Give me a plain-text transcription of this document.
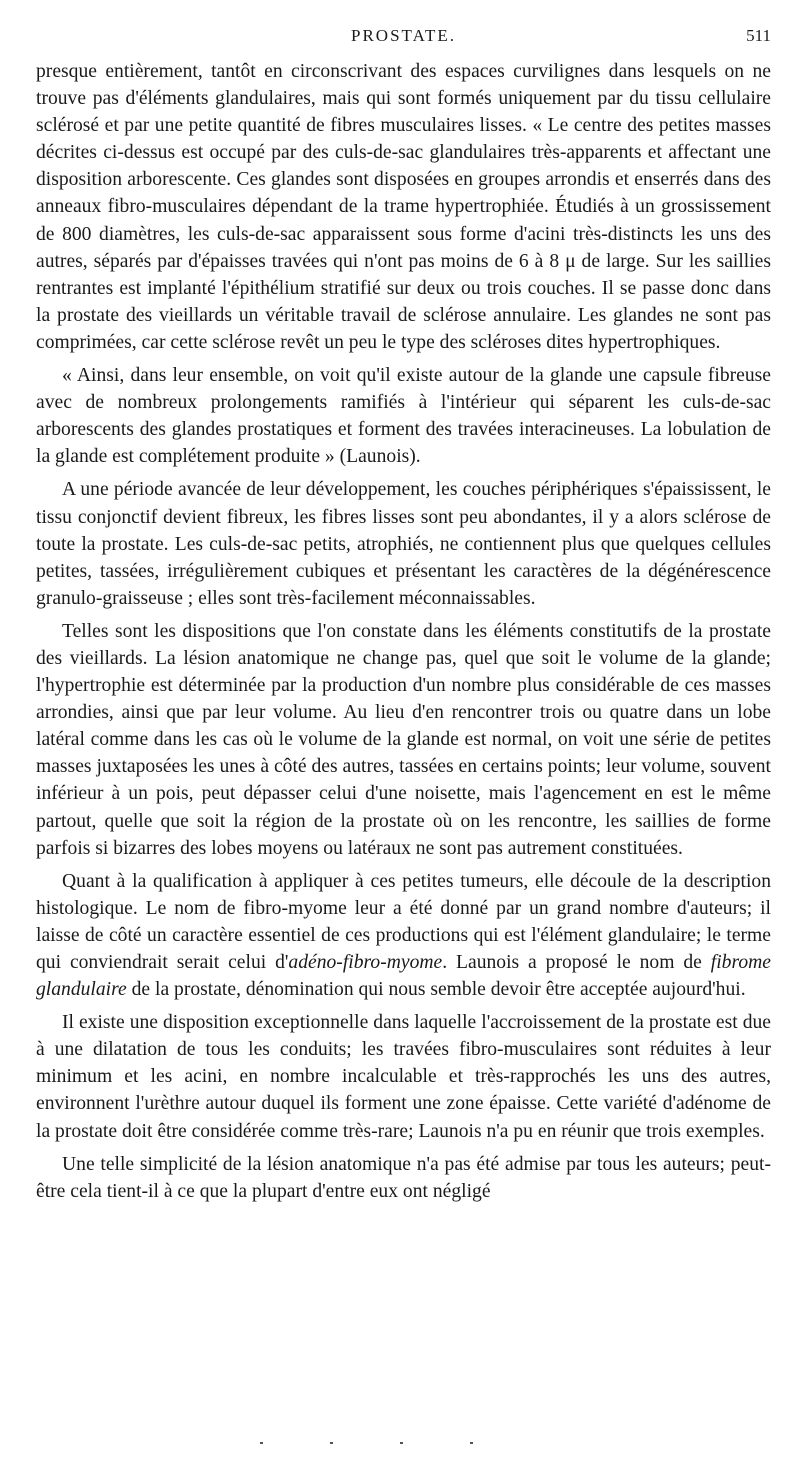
PROSTATE.	511

presque entièrement, tantôt en circonscrivant des espaces curvilignes dans lesquels on ne trouve pas d'éléments glandulaires, mais qui sont formés uniquement par du tissu cellulaire sclérosé et par une petite quantité de fibres musculaires lisses. « Le centre des petites masses décrites ci-dessus est occupé par des culs-de-sac glandulaires très-apparents et affectant une disposition arborescente. Ces glandes sont disposées en groupes arrondis et enserrés dans des anneaux fibro-musculaires dépendant de la trame hypertrophiée. Étudiés à un grossissement de 800 diamètres, les culs-de-sac apparaissent sous forme d'acini très-distincts les uns des autres, séparés par d'épaisses travées qui n'ont pas moins de 6 à 8 μ de large. Sur les saillies rentrantes est implanté l'épithélium stratifié sur deux ou trois couches. Il se passe donc dans la prostate des vieillards un véritable travail de sclérose annulaire. Les glandes ne sont pas comprimées, car cette sclérose revêt un peu le type des scléroses dites hypertrophiques.

« Ainsi, dans leur ensemble, on voit qu'il existe autour de la glande une capsule fibreuse avec de nombreux prolongements ramifiés à l'intérieur qui séparent les culs-de-sac arborescents des glandes prostatiques et forment des travées interacineuses. La lobulation de la glande est complétement produite » (Launois).

A une période avancée de leur développement, les couches périphériques s'épaississent, le tissu conjonctif devient fibreux, les fibres lisses sont peu abondantes, il y a alors sclérose de toute la prostate. Les culs-de-sac petits, atrophiés, ne contiennent plus que quelques cellules petites, tassées, irrégulièrement cubiques et présentant les caractères de la dégénérescence granulo-graisseuse ; elles sont très-facilement méconnaissables.

Telles sont les dispositions que l'on constate dans les éléments constitutifs de la prostate des vieillards. La lésion anatomique ne change pas, quel que soit le volume de la glande; l'hypertrophie est déterminée par la production d'un nombre plus considérable de ces masses arrondies, ainsi que par leur volume. Au lieu d'en rencontrer trois ou quatre dans un lobe latéral comme dans les cas où le volume de la glande est normal, on voit une série de petites masses juxtaposées les unes à côté des autres, tassées en certains points; leur volume, souvent inférieur à un pois, peut dépasser celui d'une noisette, mais l'agencement en est le même partout, quelle que soit la région de la prostate où on les rencontre, les saillies de forme parfois si bizarres des lobes moyens ou latéraux ne sont pas autrement constituées.

Quant à la qualification à appliquer à ces petites tumeurs, elle découle de la description histologique. Le nom de fibro-myome leur a été donné par un grand nombre d'auteurs; il laisse de côté un caractère essentiel de ces productions qui est l'élément glandulaire; le terme qui conviendrait serait celui d'adéno-fibro-myome. Launois a proposé le nom de fibrome glandulaire de la prostate, dénomination qui nous semble devoir être acceptée aujourd'hui.

Il existe une disposition exceptionnelle dans laquelle l'accroissement de la prostate est due à une dilatation de tous les conduits; les travées fibro-musculaires sont réduites à leur minimum et les acini, en nombre incalculable et très-rapprochés les uns des autres, environnent l'urèthre autour duquel ils forment une zone épaisse. Cette variété d'adénome de la prostate doit être considérée comme très-rare; Launois n'a pu en réunir que trois exemples.

Une telle simplicité de la lésion anatomique n'a pas été admise par tous les auteurs; peut-être cela tient-il à ce que la plupart d'entre eux ont négligé
